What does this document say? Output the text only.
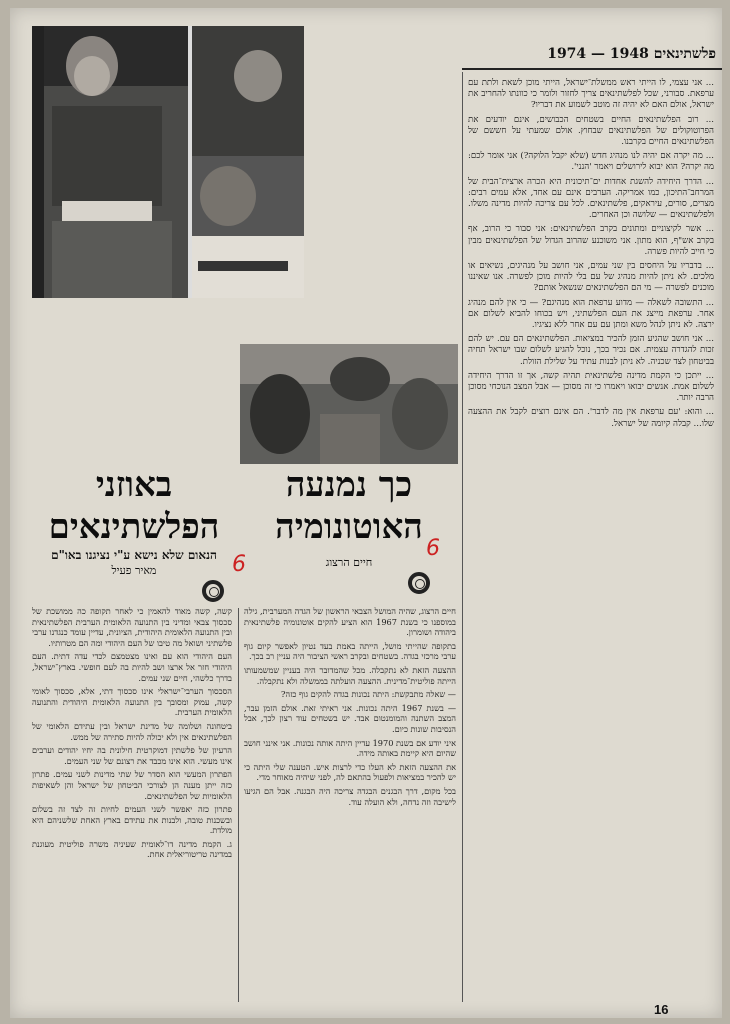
פלשתינאים 1948 — 1974
באוזני
הפלשתינאים
כך נמנעה
האוטונומיה
הנאום שלא נישא ע"י נציגנו באו"ם
מאיר פעיל
חיים הרצוג
6
6

קשה, קשה מאוד להאמין כי לאחר תקופה כה ממושכת של סכסוך צבאי ומדיני בין התנועה הלאומית הערבית הפלשתינאית ובין התנועה הלאומית היהודית, הציונית, עדיין עומד כנגדנו ערבי פלשתיני ושואל מה טיבו של העם היהודי ומה הם מטרותיו.

העם היהודי הוא עם ואינו מצטמצם לכדי עדה דתית. העם היהודי חזר אל ארצו ושב להיות בה לעם חופשי. בארץ־ישראל, בדרך כלשהי, חיים שני עמים.

הסכסוך הערבי־ישראלי אינו סכסוך דתי, אלא, סכסוך לאומי קשה, עמוק ומסובך בין התנועה הלאומית היהודית והתנועה הלאומית הערבית.

ביטחונה ושלומה של מדינת ישראל ובין עתידם הלאומי של הפלשתינאים אין ולא יכולה להיות סתירה של ממש.

הרעיון של פלשתין דמוקרטית חילונית בה יחיו יהודים וערבים אינו מעשי. הוא אינו מכבד את רצונם של שני העמים.

הפתרון המעשי הוא הסדר של שתי מדינות לשני עמים. פתרון כזה ייתן מענה הן לצורכי הביטחון של ישראל והן לשאיפות הלאומיות של הפלשתינאים.

פתרון כזה יאפשר לשני העמים לחיות זה לצד זה בשלום ובשכנות טובה, ולבנות את עתידם בארץ האחת שלשניהם היא מולדת.

ג. הקמת מדינה דו־לאומית שעיניה משרה פוליטית מעוגנת במדינה טריטוריאלית אחת.

חיים הרצוג, שהיה המושל הצבאי הראשון של הגדה המערבית, גילה במוספנו כי בשנת 1967 הוא הציע להקים אוטונומיה פלשתינאית ביהודה ושומרון.

בתקופה שהייתי מושל, הייתה באמת בעד נטיון לאפשר קיום גוף ערבי מרכזי בגדה. בשטחים ובקרב ראשי הציבור היה עניין רב בכך.

ההצעה הזאת לא נתקבלה. מכל שהמדובר היה בעניין שמשמעותו הייתה פוליטית־מדינית. ההצעה הועלתה בממשלה ולא נתקבלה.

— שאלה מתבקשת: היתה נכונות בגדה להקים גוף כזה?

— בשנת 1967 היתה נכונות. אני ראיתי זאת. אולם הזמן עבר, המצב השתנה והמומנטום אבד. יש בשטחים עוד רצון לכך, אבל הנסיבות שונות כיום.

איני יודע אם בשנת 1970 עדיין היתה אותה נכונות. אני אינני חושב שהיום היא קיימת באותה מידה.

את ההצעה הזאת לא העלו כדי לרצות איש. הטענה שלי היתה כי יש להכיר במציאות ולפעול בהתאם לה, לפני שיהיה מאוחר מדי.

בכל מקום, דרך הבגנים הבגדה צריכה היה הבגנה. אבל הם הגיעו לישיבה וזה נדחה, ולא הועלה עוד.

... אני עצמי, לו הייתי ראש ממשלת־ישראל, הייתי מוכן לשאת ולתת עם ערפאת. סבורני, שכל לפלשתינאים צריך לחזור ולומר כי כוונתו להחריב את ישראל, אולם האם לא יהיה זה מוטב לשמוע את דבריו?

... רוב הפלשתינאים החיים בשטחים הכבושים, אינם יודעים את הפרוטוקולים של הפלשתינאים שבחוץ. אולם שמעתי על חששם של הפלשתינאים החיים בקרבנו.

... מה יקרה אם יהיה לנו מנהיג חדש (שלא יקבל הלוקה?) אני אומר לכם: מה יקרה? הוא יבוא לירושלים ויאמר 'הנני'.

... הדרך היחידה להשגת אחדות ים־תיכונית היא הכרה ארצית־הבית של המרחב־התיכון, כמו אמריקה. הערבים אינם עם אחד, אלא עמים רבים: מצרים, סורים, עיראקים, פלשתינאים. לכל עם צריכה להיות מדינה משלו. ולפלשתינאים — שלושה וכן האחרים.

... אשר לקיצוניים ומתונים בקרב הפלשתינאים: אני סבור כי הרוב, אף בקרב אש"ף, הוא מתון. אני משוכנע שהרוב הגדול של הפלשתינאים מבין כי חייב להיות פשרה.

... בדבריו על היחסים בין שני עמים, אני חושב על מנהיגים, נשיאים או מלכים. לא ניתן להיות מנהיג של עם בלי להיות מוכן לפשרה. אנו שאיננו מוכנים לפשרה — מי הם הפלשתינאים שנשאל אותם?

... התשובה לשאלה — מדוע ערפאת הוא מנהיגם? — כי אין להם מנהיג אחר. ערפאת מייצג את העם הפלשתיני, ויש בכוחו להביא לשלום אם ירצה. לא ניתן לנהל משא ומתן עם עם אחר ללא נציגיו.

... אני חושב שהגיע הזמן להכיר במציאות. הפלשתינאים הם עם. יש להם זכות להגדרה עצמית. אם נכיר בכך, נוכל להגיע לשלום שבו ישראל תחיה בביטחון לצד שכניה. לא ניתן לבנות עתיד על שלילת הזולת.

... ייתכן כי הקמת מדינה פלשתינאית תהיה קשה, אך זו הדרך היחידה לשלום אמת. אנשים יבואו ויאמרו כי זה מסוכן — אבל המצב הנוכחי מסוכן הרבה יותר.

... והוא: 'עם ערפאת אין מה לדבר'. הם אינם רוצים לקבל את ההצעה שלו... קבלה קיומה של ישראל.

16
